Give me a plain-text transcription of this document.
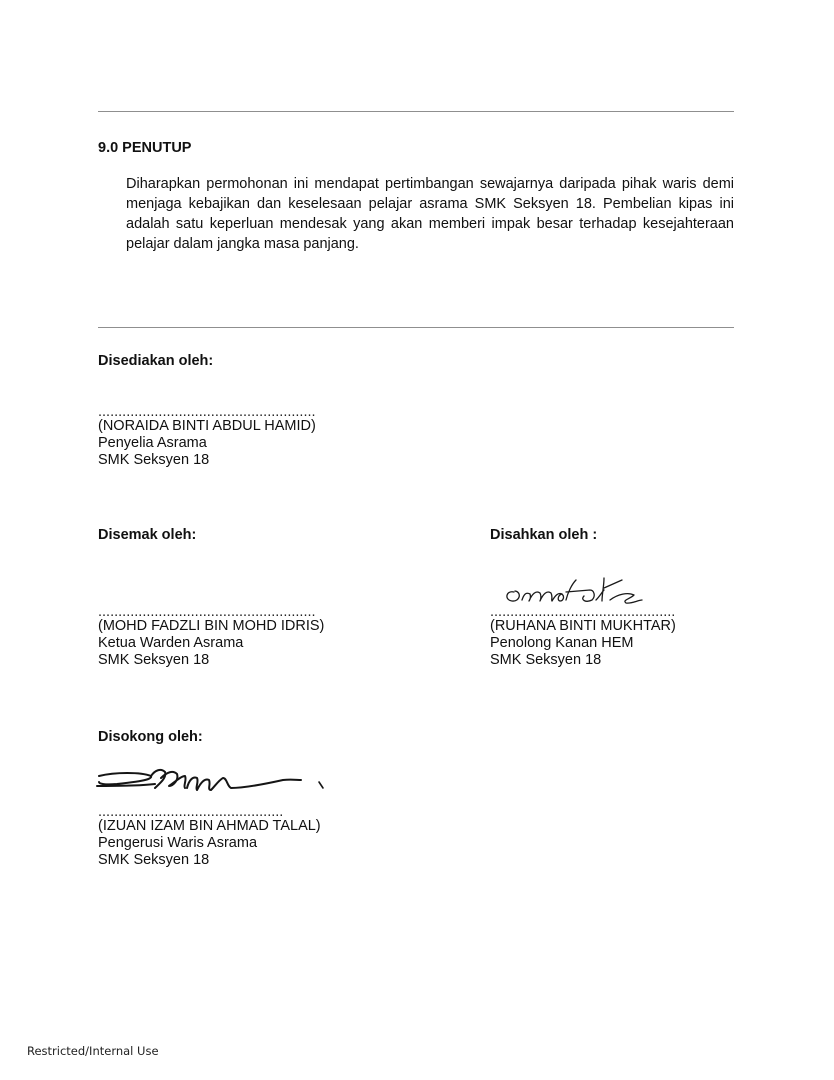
9.0 PENUTUP
Diharapkan permohonan ini mendapat pertimbangan sewajarnya daripada pihak waris demi menjaga kebajikan dan keselesaan pelajar asrama SMK Seksyen 18. Pembelian kipas ini adalah satu keperluan mendesak yang akan memberi impak besar terhadap kesejahteraan pelajar dalam jangka masa panjang.
Disediakan oleh:
......................................................
(NORAIDA BINTI ABDUL HAMID)
Penyelia Asrama
SMK Seksyen 18
Disemak oleh:
......................................................
(MOHD FADZLI BIN MOHD IDRIS)
Ketua Warden Asrama
SMK Seksyen 18
Disahkan oleh :
..............................................
(RUHANA BINTI MUKHTAR)
Penolong Kanan HEM
SMK Seksyen 18
Disokong oleh:
..............................................
(IZUAN IZAM BIN AHMAD TALAL)
Pengerusi Waris Asrama
SMK Seksyen 18
Restricted/Internal Use
